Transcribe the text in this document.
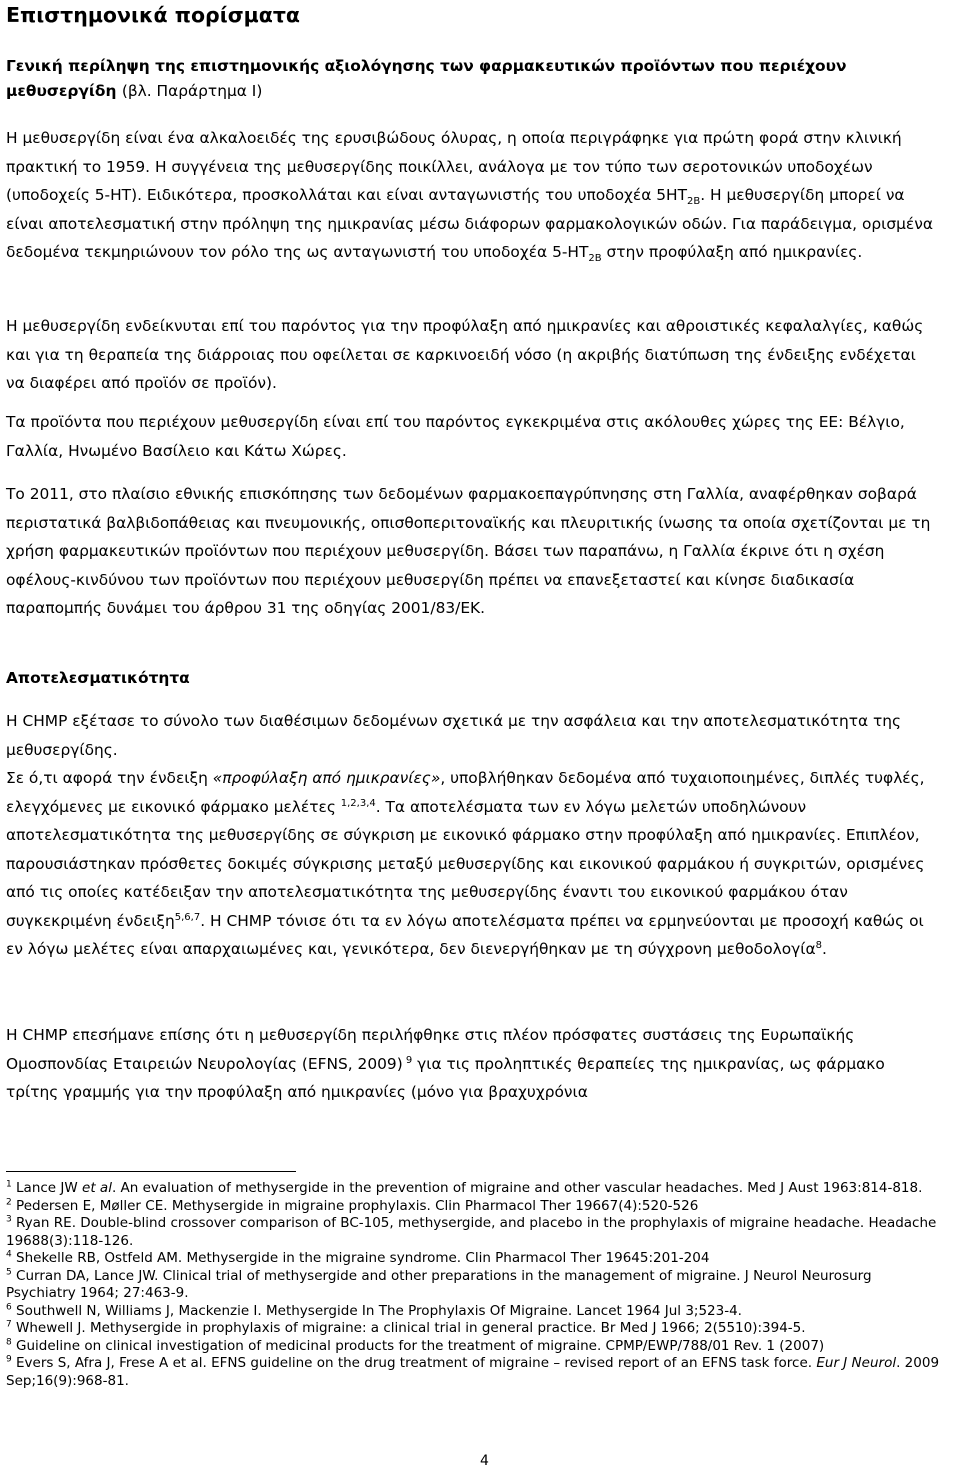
Επιστημονικά πορίσματα
Γενική περίληψη της επιστημονικής αξιολόγησης των φαρμακευτικών προϊόντων που περιέχουν μεθυσεργίδη (βλ. Παράρτημα I)

Η μεθυσεργίδη είναι ένα αλκαλοειδές της ερυσιβώδους όλυρας, η οποία περιγράφηκε για πρώτη φορά στην κλινική πρακτική το 1959. Η συγγένεια της μεθυσεργίδης ποικίλλει, ανάλογα με τον τύπο των σεροτονικών υποδοχέων (υποδοχείς 5-HT). Ειδικότερα, προσκολλάται και είναι ανταγωνιστής του υποδοχέα $5HT_{2B}$. Η μεθυσεργίδη μπορεί να είναι αποτελεσματική στην πρόληψη της ημικρανίας μέσω διάφορων φαρμακολογικών οδών. Για παράδειγμα, ορισμένα δεδομένα τεκμηριώνουν τον ρόλο της ως ανταγωνιστή του υποδοχέα $5-HT_{2B}$ στην προφύλαξη από ημικρανίες.

Η μεθυσεργίδη ενδείκνυται επί του παρόντος για την προφύλαξη από ημικρανίες και αθροιστικές κεφαλαλγίες, καθώς και για τη θεραπεία της διάρροιας που οφείλεται σε καρκινοειδή νόσο (η ακριβής διατύπωση της ένδειξης ενδέχεται να διαφέρει από προϊόν σε προϊόν).

Τα προϊόντα που περιέχουν μεθυσεργίδη είναι επί του παρόντος εγκεκριμένα στις ακόλουθες χώρες της ΕΕ: Βέλγιο, Γαλλία, Ηνωμένο Βασίλειο και Κάτω Χώρες.

Το 2011, στο πλαίσιο εθνικής επισκόπησης των δεδομένων φαρμακοεπαγρύπνησης στη Γαλλία, αναφέρθηκαν σοβαρά περιστατικά βαλβιδοπάθειας και πνευμονικής, οπισθοπεριτοναϊκής και πλευριτικής ίνωσης τα οποία σχετίζονται με τη χρήση φαρμακευτικών προϊόντων που περιέχουν μεθυσεργίδη. Βάσει των παραπάνω, η Γαλλία έκρινε ότι η σχέση οφέλους-κινδύνου των προϊόντων που περιέχουν μεθυσεργίδη πρέπει να επανεξεταστεί και κίνησε διαδικασία παραπομπής δυνάμει του άρθρου 31 της οδηγίας 2001/83/ΕΚ.

Αποτελεσματικότητα

Η CHMP εξέτασε το σύνολο των διαθέσιμων δεδομένων σχετικά με την ασφάλεια και την αποτελεσματικότητα της μεθυσεργίδης.

Σε ό,τι αφορά την ένδειξη «προφύλαξη από ημικρανίες», υποβλήθηκαν δεδομένα από τυχαιοποιημένες, διπλές τυφλές, ελεγχόμενες με εικονικό φάρμακο μελέτες $^{1,2,3,4}$. Τα αποτελέσματα των εν λόγω μελετών υποδηλώνουν αποτελεσματικότητα της μεθυσεργίδης σε σύγκριση με εικονικό φάρμακο στην προφύλαξη από ημικρανίες. Επιπλέον, παρουσιάστηκαν πρόσθετες δοκιμές σύγκρισης μεταξύ μεθυσεργίδης και εικονικού φαρμάκου ή συγκριτών, ορισμένες από τις οποίες κατέδειξαν την αποτελεσματικότητα της μεθυσεργίδης έναντι του εικονικού φαρμάκου όταν συγκεκριμένη ένδειξη$^{5,6,7}$. Η CHMP τόνισε ότι τα εν λόγω αποτελέσματα πρέπει να ερμηνεύονται με προσοχή καθώς οι εν λόγω μελέτες είναι απαρχαιωμένες και, γενικότερα, δεν διενεργήθηκαν με τη σύγχρονη μεθοδολογία$^8$.

Η CHMP επεσήμανε επίσης ότι η μεθυσεργίδη περιλήφθηκε στις πλέον πρόσφατες συστάσεις της Ευρωπαϊκής Ομοσπονδίας Εταιρειών Νευρολογίας (EFNS, 2009) $^9$ για τις προληπτικές θεραπείες της ημικρανίας, ως φάρμακο τρίτης γραμμής για την προφύλαξη από ημικρανίες (μόνο για βραχυχρόνια

$^1$ Lance JW et al. An evaluation of methysergide in the prevention of migraine and other vascular headaches. Med J Aust 1963:814-818.
$^2$ Pedersen E, Møller CE. Methysergide in migraine prophylaxis. Clin Pharmacol Ther 19667(4):520-526
$^3$ Ryan RE. Double-blind crossover comparison of BC-105, methysergide, and placebo in the prophylaxis of migraine headache. Headache 19688(3):118-126.
$^4$ Shekelle RB, Ostfeld AM. Methysergide in the migraine syndrome. Clin Pharmacol Ther 19645:201-204
$^5$ Curran DA, Lance JW. Clinical trial of methysergide and other preparations in the management of migraine. J Neurol Neurosurg Psychiatry 1964; 27:463-9.
$^6$ Southwell N, Williams J, Mackenzie I. Methysergide In The Prophylaxis Of Migraine. Lancet 1964 Jul 3;523-4.
$^7$ Whewell J. Methysergide in prophylaxis of migraine: a clinical trial in general practice. Br Med J 1966; 2(5510):394-5.
$^8$ Guideline on clinical investigation of medicinal products for the treatment of migraine. CPMP/EWP/788/01 Rev. 1 (2007)
$^9$ Evers S, Afra J, Frese A et al. EFNS guideline on the drug treatment of migraine – revised report of an EFNS task force. Eur J Neurol. 2009 Sep;16(9):968-81.
4
